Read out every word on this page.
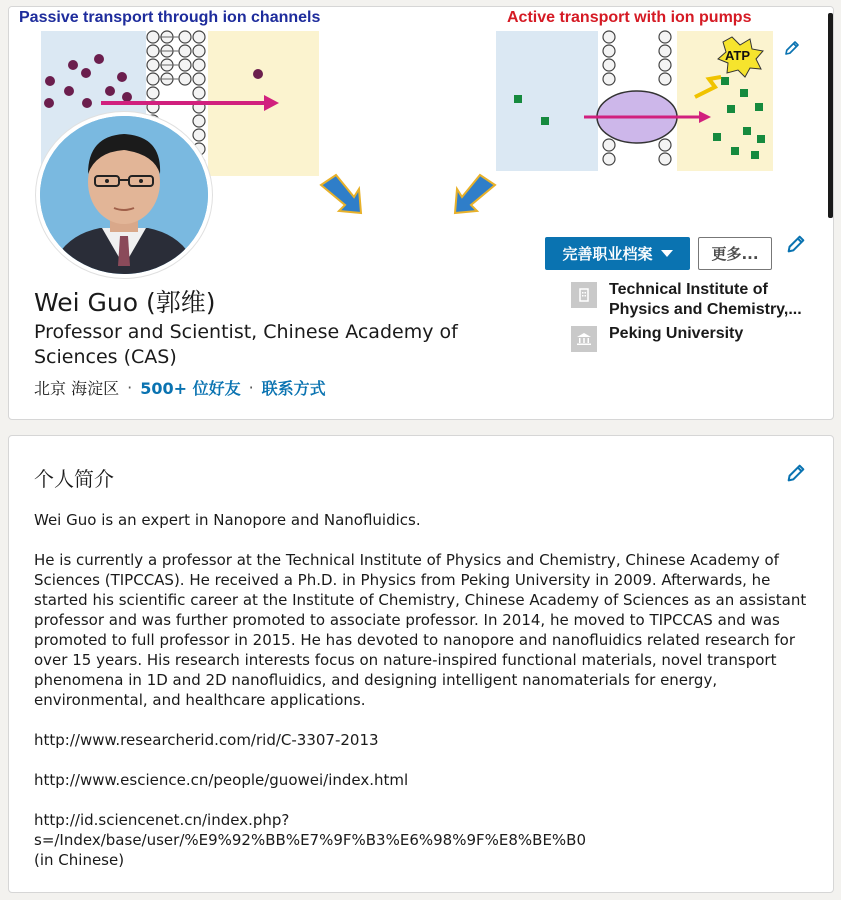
ATP
Passive transport through ion channels	Active transport with ion pumps
完善职业档案	更多...
Wei Guo (郭维)
Professor and Scientist, Chinese Academy of Sciences (CAS)
北京 海淀区 · 500+ 位好友 · 联系方式
Technical Institute of Physics and Chemistry,...
Peking University
个人简介

Wei Guo is an expert in Nanopore and Nanofluidics.

He is currently a professor at the Technical Institute of Physics and Chemistry, Chinese Academy of Sciences (TIPCCAS). He received a Ph.D. in Physics from Peking University in 2009. Afterwards, he started his scientific career at the Institute of Chemistry, Chinese Academy of Sciences as an assistant professor and was further promoted to associate professor. In 2014, he moved to TIPCCAS and was promoted to full professor in 2015. He has devoted to nanopore and nanofluidics related research for over 15 years. His research interests focus on nature-inspired functional materials, novel transport phenomena in 1D and 2D nanofluidics, and designing intelligent nanomaterials for energy, environmental, and healthcare applications.

http://www.researcherid.com/rid/C-3307-2013

http://www.escience.cn/people/guowei/index.html

http://id.sciencenet.cn/index.php?
s=/Index/base/user/%E9%92%BB%E7%9F%B3%E6%98%9F%E8%BE%B0
(in Chinese)
